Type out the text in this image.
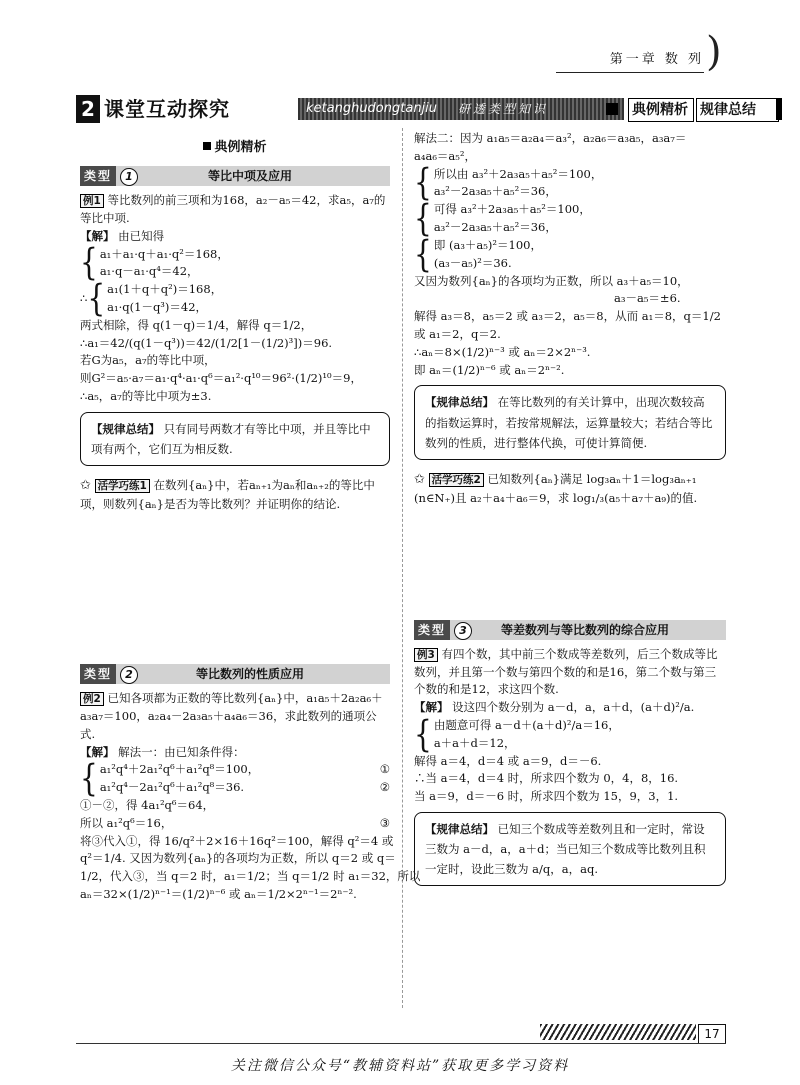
第一章 数 列 )
2 课堂互动探究	ketanghudongtanjiu 研透类型知识	典例精析 规律总结
典例精析
类型	1	等比中项及应用
例1 等比数列的前三项和为168，a₂－a₅＝42，求a₅，a₇的等比中项.
【解】 由已知得
{ a₁＋a₁·q＋a₁·q²＝168，
a₁·q－a₁·q⁴＝42，
∴ { a₁(1＋q＋q²)＝168，
a₁·q(1－q³)＝42，
两式相除，得 q(1－q)＝1/4，解得 q＝1/2，
∴a₁＝42/(q(1－q³))＝42/(1/2[1－(1/2)³])＝96.
若G为a₅，a₇的等比中项，
则G²＝a₅·a₇＝a₁·q⁴·a₁·q⁶＝a₁²·q¹⁰＝96²·(1/2)¹⁰＝9，
∴a₅，a₇的等比中项为±3.
【规律总结】 只有同号两数才有等比中项，并且等比中项有两个，它们互为相反数.
✩ 活学巧练1 在数列{aₙ}中，若aₙ₊₁为aₙ和aₙ₊₂的等比中项，则数列{aₙ}是否为等比数列？并证明你的结论.
类型	2	等比数列的性质应用
例2 已知各项都为正数的等比数列{aₙ}中，a₁a₅＋2a₂a₆＋a₃a₇＝100，a₂a₄－2a₃a₅＋a₄a₆＝36，求此数列的通项公式.
【解】 解法一：由已知条件得：
{ a₁²q⁴＋2a₁²q⁶＋a₁²q⁸＝100，	①
a₁²q⁴－2a₁²q⁶＋a₁²q⁸＝36.	②
①－②，得 4a₁²q⁶＝64，
所以 a₁²q⁶＝16，	③
将③代入①，得 16/q²＋2×16＋16q²＝100，解得 q²＝4 或
q²＝1/4. 又因为数列{aₙ}的各项均为正数，所以 q＝2 或 q＝
1/2，代入③，当 q＝2 时，a₁＝1/2；当 q＝1/2 时 a₁＝32，所以
aₙ＝32×(1/2)ⁿ⁻¹＝(1/2)ⁿ⁻⁶ 或 aₙ＝1/2×2ⁿ⁻¹＝2ⁿ⁻².
解法二：因为 a₁a₅＝a₂a₄＝a₃²，a₂a₆＝a₃a₅，a₃a₇＝
a₄a₆＝a₅²，
{ 所以由 a₃²＋2a₃a₅＋a₅²＝100，
a₃²－2a₃a₅＋a₅²＝36，
{ 可得 a₃²＋2a₃a₅＋a₅²＝100，
a₃²－2a₃a₅＋a₅²＝36，
{ 即 (a₃＋a₅)²＝100，
(a₃－a₅)²＝36.
又因为数列{aₙ}的各项均为正数，所以 a₃＋a₅＝10，
a₃－a₅＝±6.
解得 a₃＝8，a₅＝2 或 a₃＝2，a₅＝8，从而 a₁＝8，q＝1/2 或 a₁＝2，q＝2.
∴aₙ＝8×(1/2)ⁿ⁻³ 或 aₙ＝2×2ⁿ⁻³.
即 aₙ＝(1/2)ⁿ⁻⁶ 或 aₙ＝2ⁿ⁻².
【规律总结】 在等比数列的有关计算中，出现次数较高的指数运算时，若按常规解法，运算量较大；若结合等比数列的性质，进行整体代换，可使计算简便.
✩ 活学巧练2 已知数列{aₙ}满足 log₃aₙ＋1＝log₃aₙ₊₁ (n∈N₊)且 a₂＋a₄＋a₆＝9，求 log₁/₃(a₅＋a₇＋a₉)的值.
类型	3	等差数列与等比数列的综合应用
例3 有四个数，其中前三个数成等差数列，后三个数成等比数列，并且第一个数与第四个数的和是16，第二个数与第三个数的和是12，求这四个数.
【解】 设这四个数分别为 a－d，a，a＋d，(a＋d)²/a.
{ 由题意可得 a－d＋(a＋d)²/a＝16，
a＋a＋d＝12，
解得 a＝4，d＝4 或 a＝9，d＝－6.
∴当 a＝4，d＝4 时，所求四个数为 0，4，8，16.
当 a＝9，d＝－6 时，所求四个数为 15，9，3，1.
【规律总结】 已知三个数成等差数列且和一定时，常设三数为 a－d，a，a＋d；当已知三个数成等比数列且积一定时，设此三数为 a/q，a，aq.
17
关注微信公众号“教辅资料站”获取更多学习资料
